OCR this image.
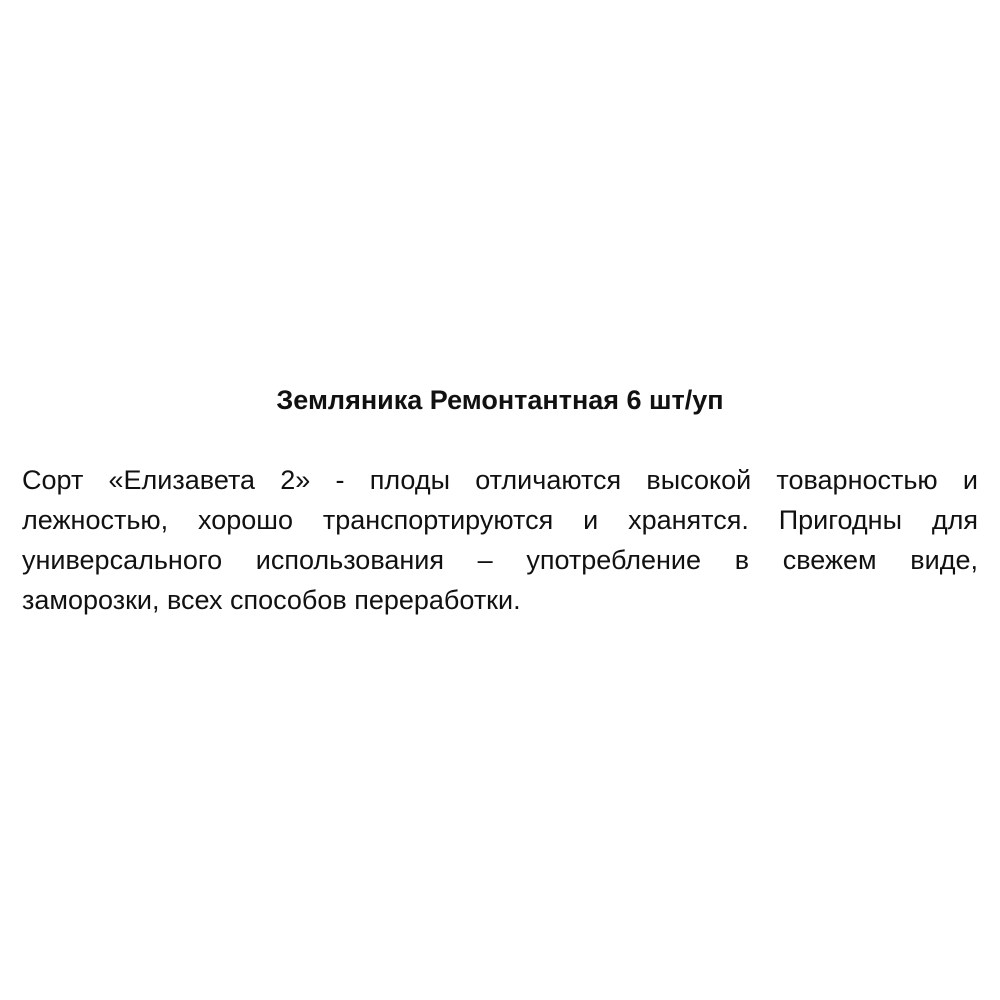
Земляника Ремонтантная 6 шт/уп
Сорт «Елизавета 2» - плоды отличаются высокой товарностью и
лежностью, хорошо транспортируются и хранятся. Пригодны для
универсального использования – употребление в свежем виде,
заморозки, всех способов переработки.
